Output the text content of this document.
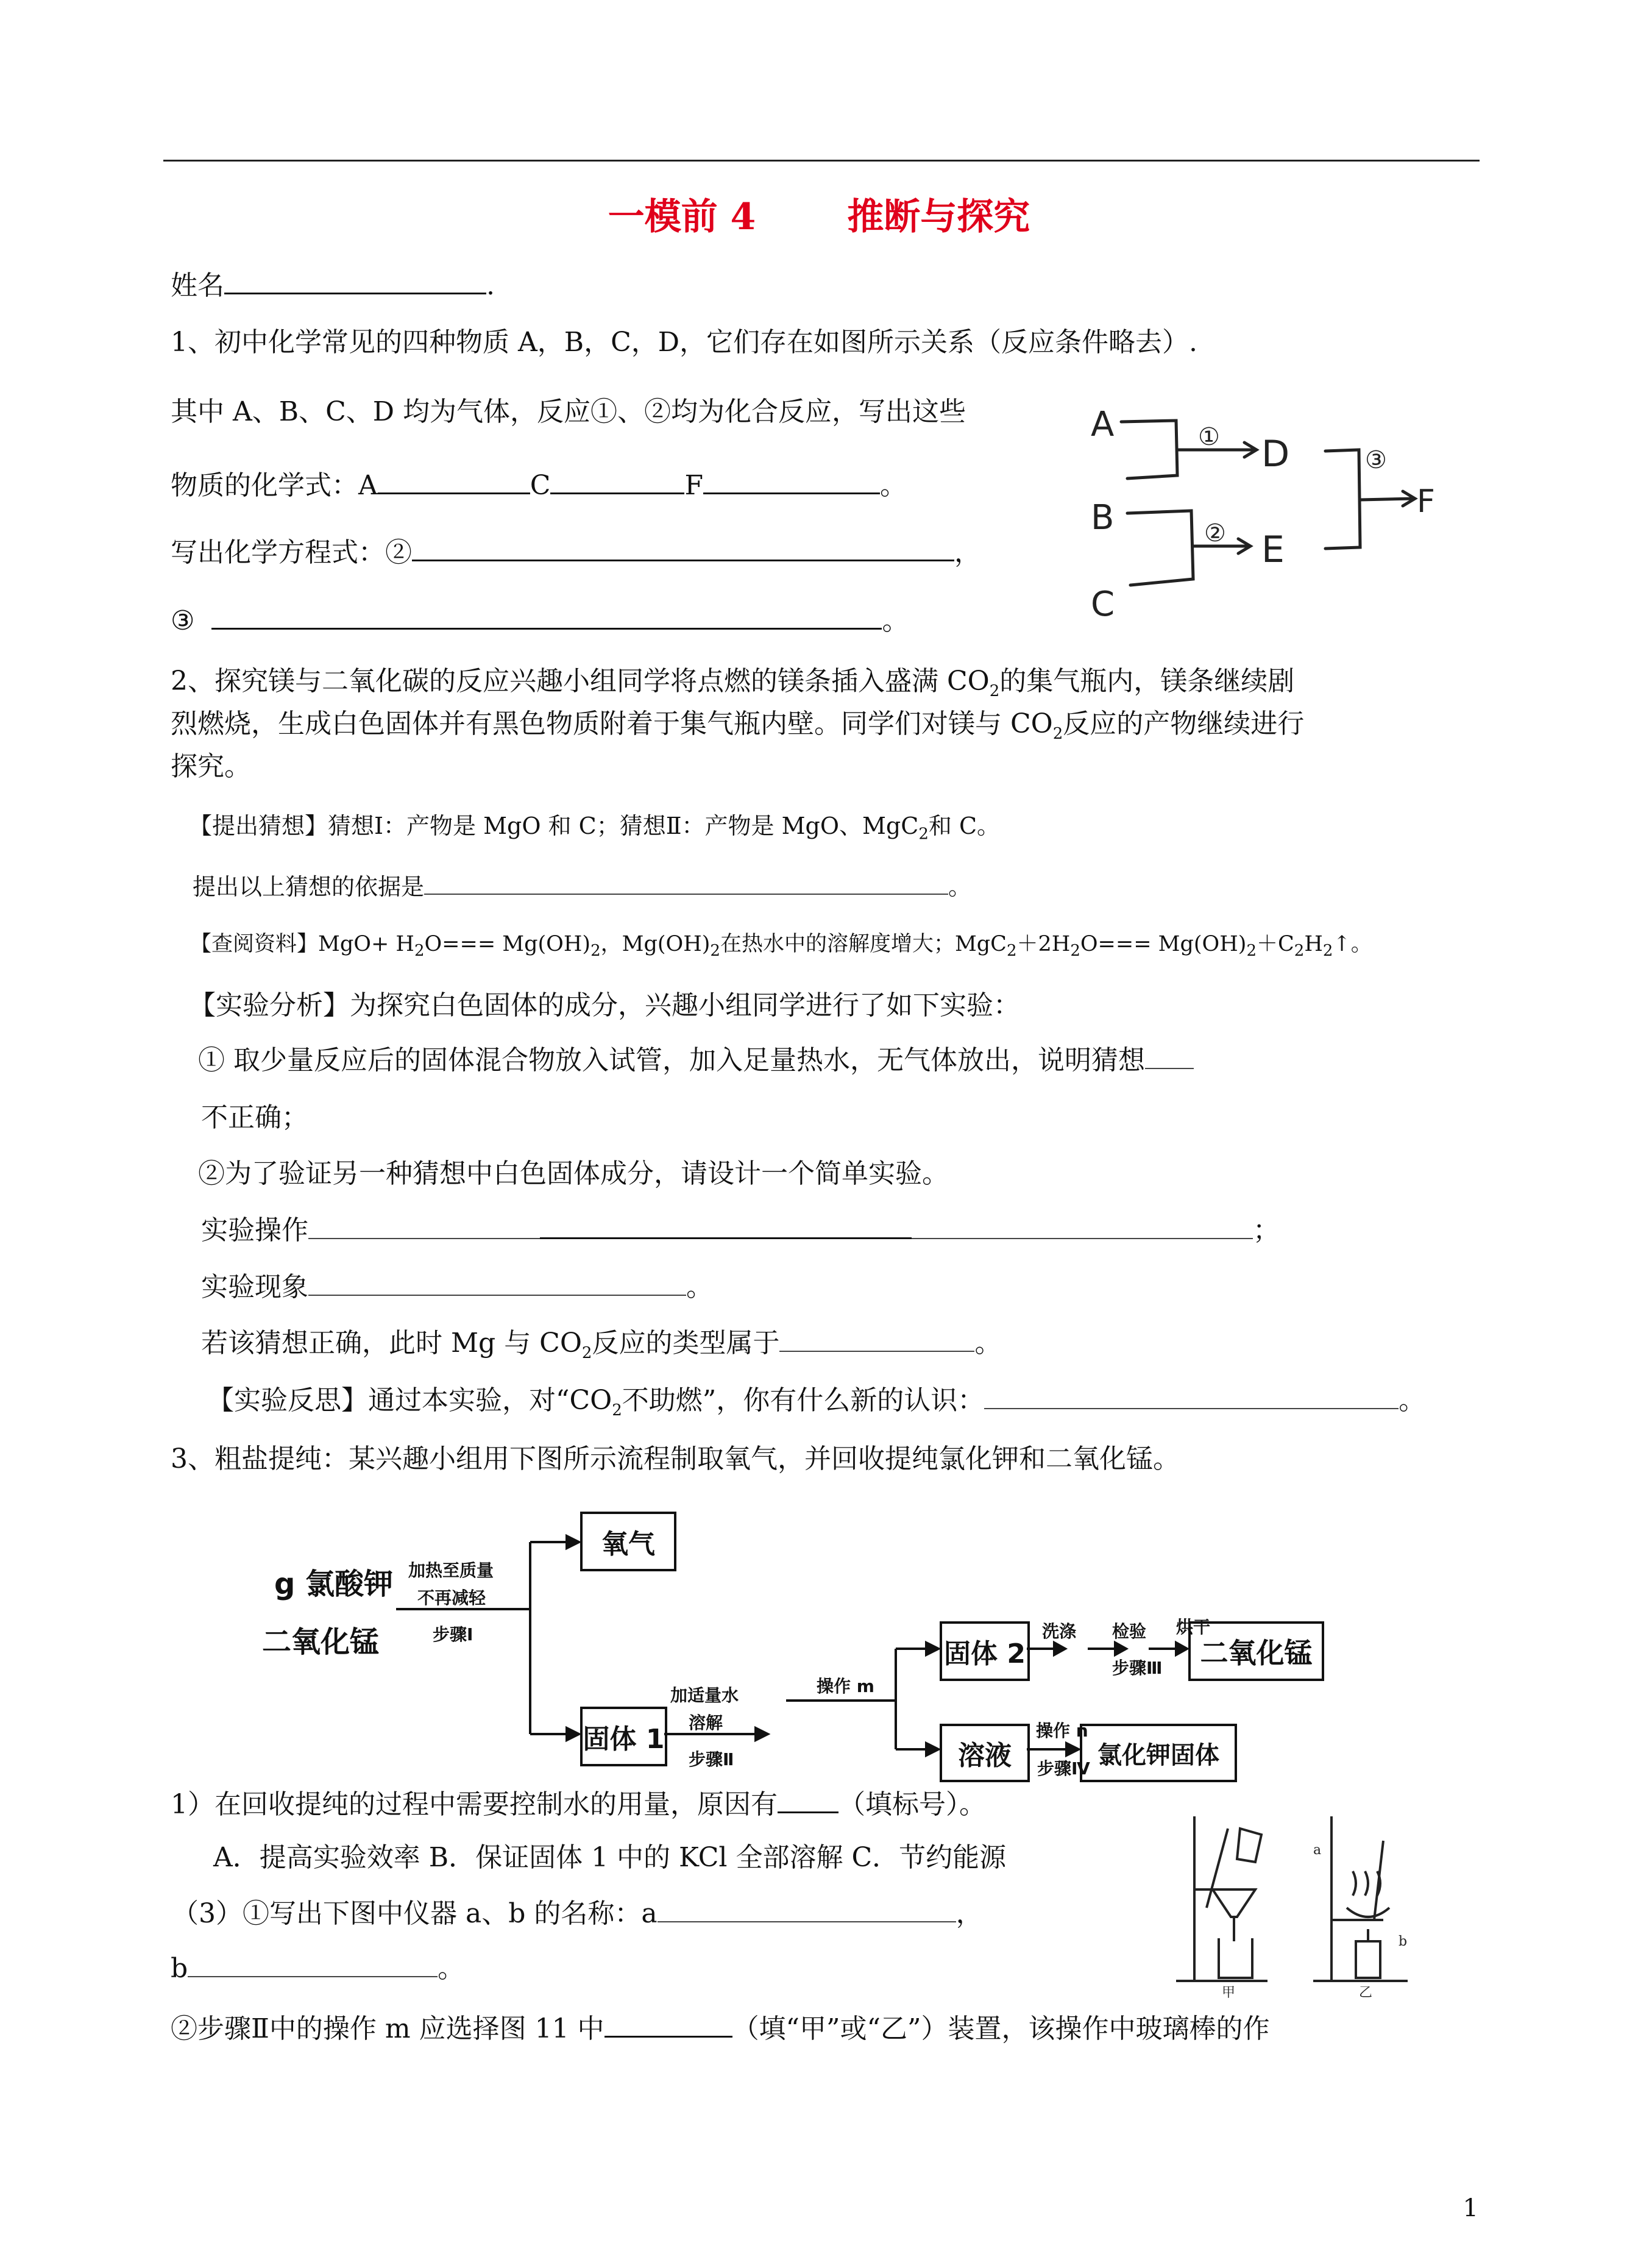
一模前 4	推断与探究
姓名	.
1、初中化学常见的四种物质 A，B，C，D，它们存在如图所示关系（反应条件略去）.
其中 A、B、C、D 均为气体，反应①、②均为化合反应，写出这些
物质的化学式：A	C	F	。
写出化学方程式：②	，
③	。
A
B
C
D
E
F
①
②
③
2、探究镁与二氧化碳的反应兴趣小组同学将点燃的镁条插入盛满 $CO_2$的集气瓶内，镁条继续剧
烈燃烧，生成白色固体并有黑色物质附着于集气瓶内壁。同学们对镁与 $CO_2$反应的产物继续进行
探究。
【提出猜想】猜想Ⅰ：产物是 MgO 和 C；猜想Ⅱ：产物是 MgO、MgC$_2$和 C。
提出以上猜想的依据是	。
【查阅资料】$MgO+ H_2O=== Mg(OH)_2$，$Mg(OH)_2$在热水中的溶解度增大；$MgC_2+2H_2O===$ $Mg(OH)_2+C_2H_2↑$。
【实验分析】为探究白色固体的成分，兴趣小组同学进行了如下实验：
① 取少量反应后的固体混合物放入试管，加入足量热水，无气体放出，说明猜想
不正确；
②为了验证另一种猜想中白色固体成分，请设计一个简单实验。
实验操作	；
实验现象	。
若该猜想正确，此时 Mg 与 $CO_2$反应的类型属于	。
【实验反思】通过本实验，对“$CO_2$不助燃”，你有什么新的认识：	。
3、粗盐提纯：某兴趣小组用下图所示流程制取氧气，并回收提纯氯化钾和二氧化锰。
g 氯酸钾
二氧化锰
加热至质量
不再减轻
步骤Ⅰ
氧气
固体 1
加适量水
溶解
步骤Ⅱ
操作 m
固体 2
洗涤 检验 烘干
步骤Ⅲ	二氧化锰
溶液
操作 n
步骤Ⅳ 氯化钾固体
1）在回收提纯的过程中需要控制水的用量，原因有 （填标号）。
A．提高实验效率 B．保证固体 1 中的 KCl 全部溶解 C．节约能源
（3）①写出下图中仪器 a、b 的名称：a	，
b	。
②步骤Ⅱ中的操作 m 应选择图 11 中	（填“甲”或“乙”）装置，该操作中玻璃棒的作
a
b
甲	乙
1
